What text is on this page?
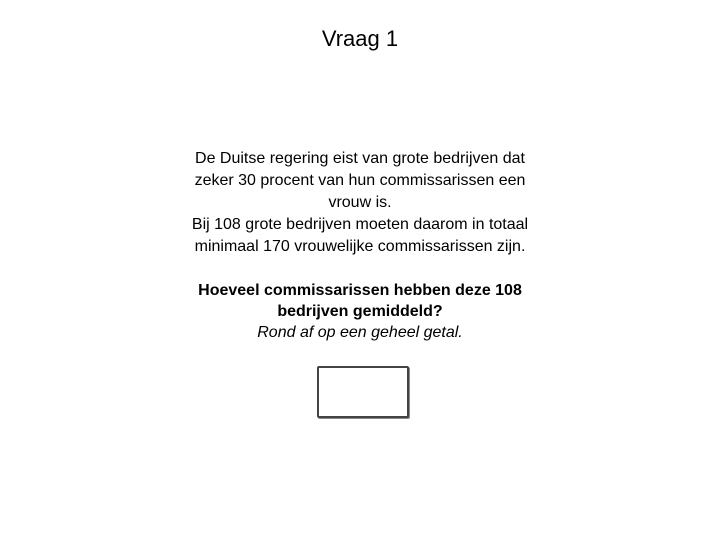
Vraag 1
De Duitse regering eist van grote bedrijven dat
zeker 30 procent van hun commissarissen een
vrouw is.
Bij 108 grote bedrijven moeten daarom in totaal
minimaal 170 vrouwelijke commissarissen zijn.
Hoeveel commissarissen hebben deze 108
bedrijven gemiddeld?
Rond af op een geheel getal.
